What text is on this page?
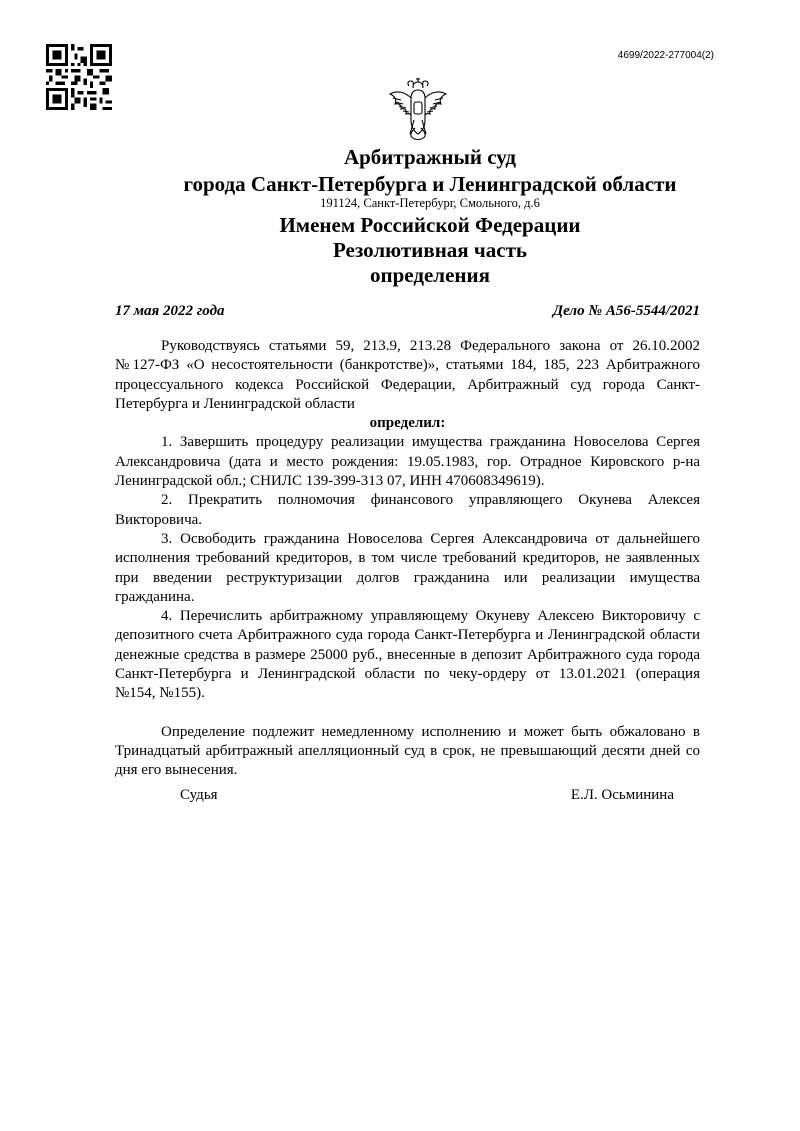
4699/2022-277004(2)
Арбитражный суд
города Санкт-Петербурга и Ленинградской области
191124, Санкт-Петербург, Смольного, д.6
Именем Российской Федерации
Резолютивная часть
определения
17 мая 2022 года	Дело № А56-5544/2021

Руководствуясь статьями 59, 213.9, 213.28 Федерального закона от 26.10.2002 №127-ФЗ «О несостоятельности (банкротстве)», статьями 184, 185, 223 Арбитражного процессуального кодекса Российской Федерации, Арбитражный суд города Санкт-Петербурга и Ленинградской области

определил:

1. Завершить процедуру реализации имущества гражданина Новоселова Сергея Александровича (дата и место рождения: 19.05.1983, гор. Отрадное Кировского р-на Ленинградской обл.; СНИЛС 139-399-313 07, ИНН 470608349619).

2. Прекратить полномочия финансового управляющего Окунева Алексея Викторовича.

3. Освободить гражданина Новоселова Сергея Александровича от дальнейшего исполнения требований кредиторов, в том числе требований кредиторов, не заявленных при введении реструктуризации долгов гражданина или реализации имущества гражданина.

4. Перечислить арбитражному управляющему Окуневу Алексею Викторовичу с депозитного счета Арбитражного суда города Санкт-Петербурга и Ленинградской области денежные средства в размере 25000 руб., внесенные в депозит Арбитражного суда города Санкт-Петербурга и Ленинградской области по чеку-ордеру от 13.01.2021 (операция №154, №155).

Определение подлежит немедленному исполнению и может быть обжаловано в Тринадцатый арбитражный апелляционный суд в срок, не превышающий десяти дней со дня его вынесения.

Судья	Е.Л. Осьминина
